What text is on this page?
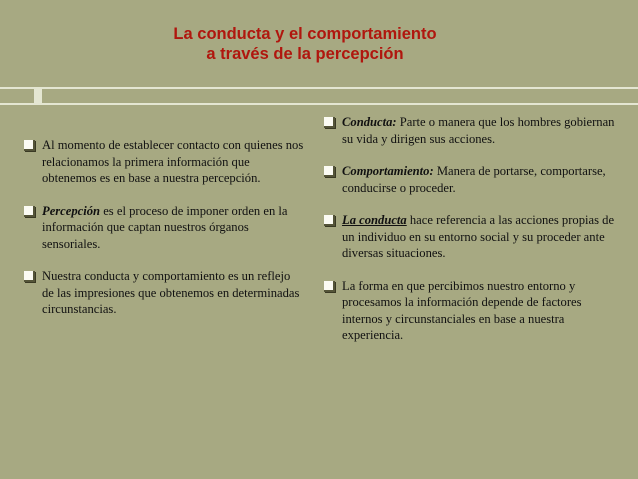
La conducta y el comportamiento
a través de la percepción
Al momento de establecer contacto con quienes nos relacionamos la primera información que obtenemos es en base a nuestra percepción.
Percepción es el proceso de imponer orden en la información que captan nuestros órganos sensoriales.
Nuestra conducta y comportamiento es un reflejo de las impresiones que obtenemos en determinadas circunstancias.
Conducta: Parte o manera que los hombres gobiernan su vida y dirigen sus acciones.
Comportamiento: Manera de portarse, comportarse, conducirse o proceder.
La conducta hace referencia a las acciones propias de un individuo en su entorno social y su proceder ante diversas situaciones.
La forma en que percibimos nuestro entorno y procesamos la información depende de factores internos y circunstanciales en base a nuestra experiencia.
